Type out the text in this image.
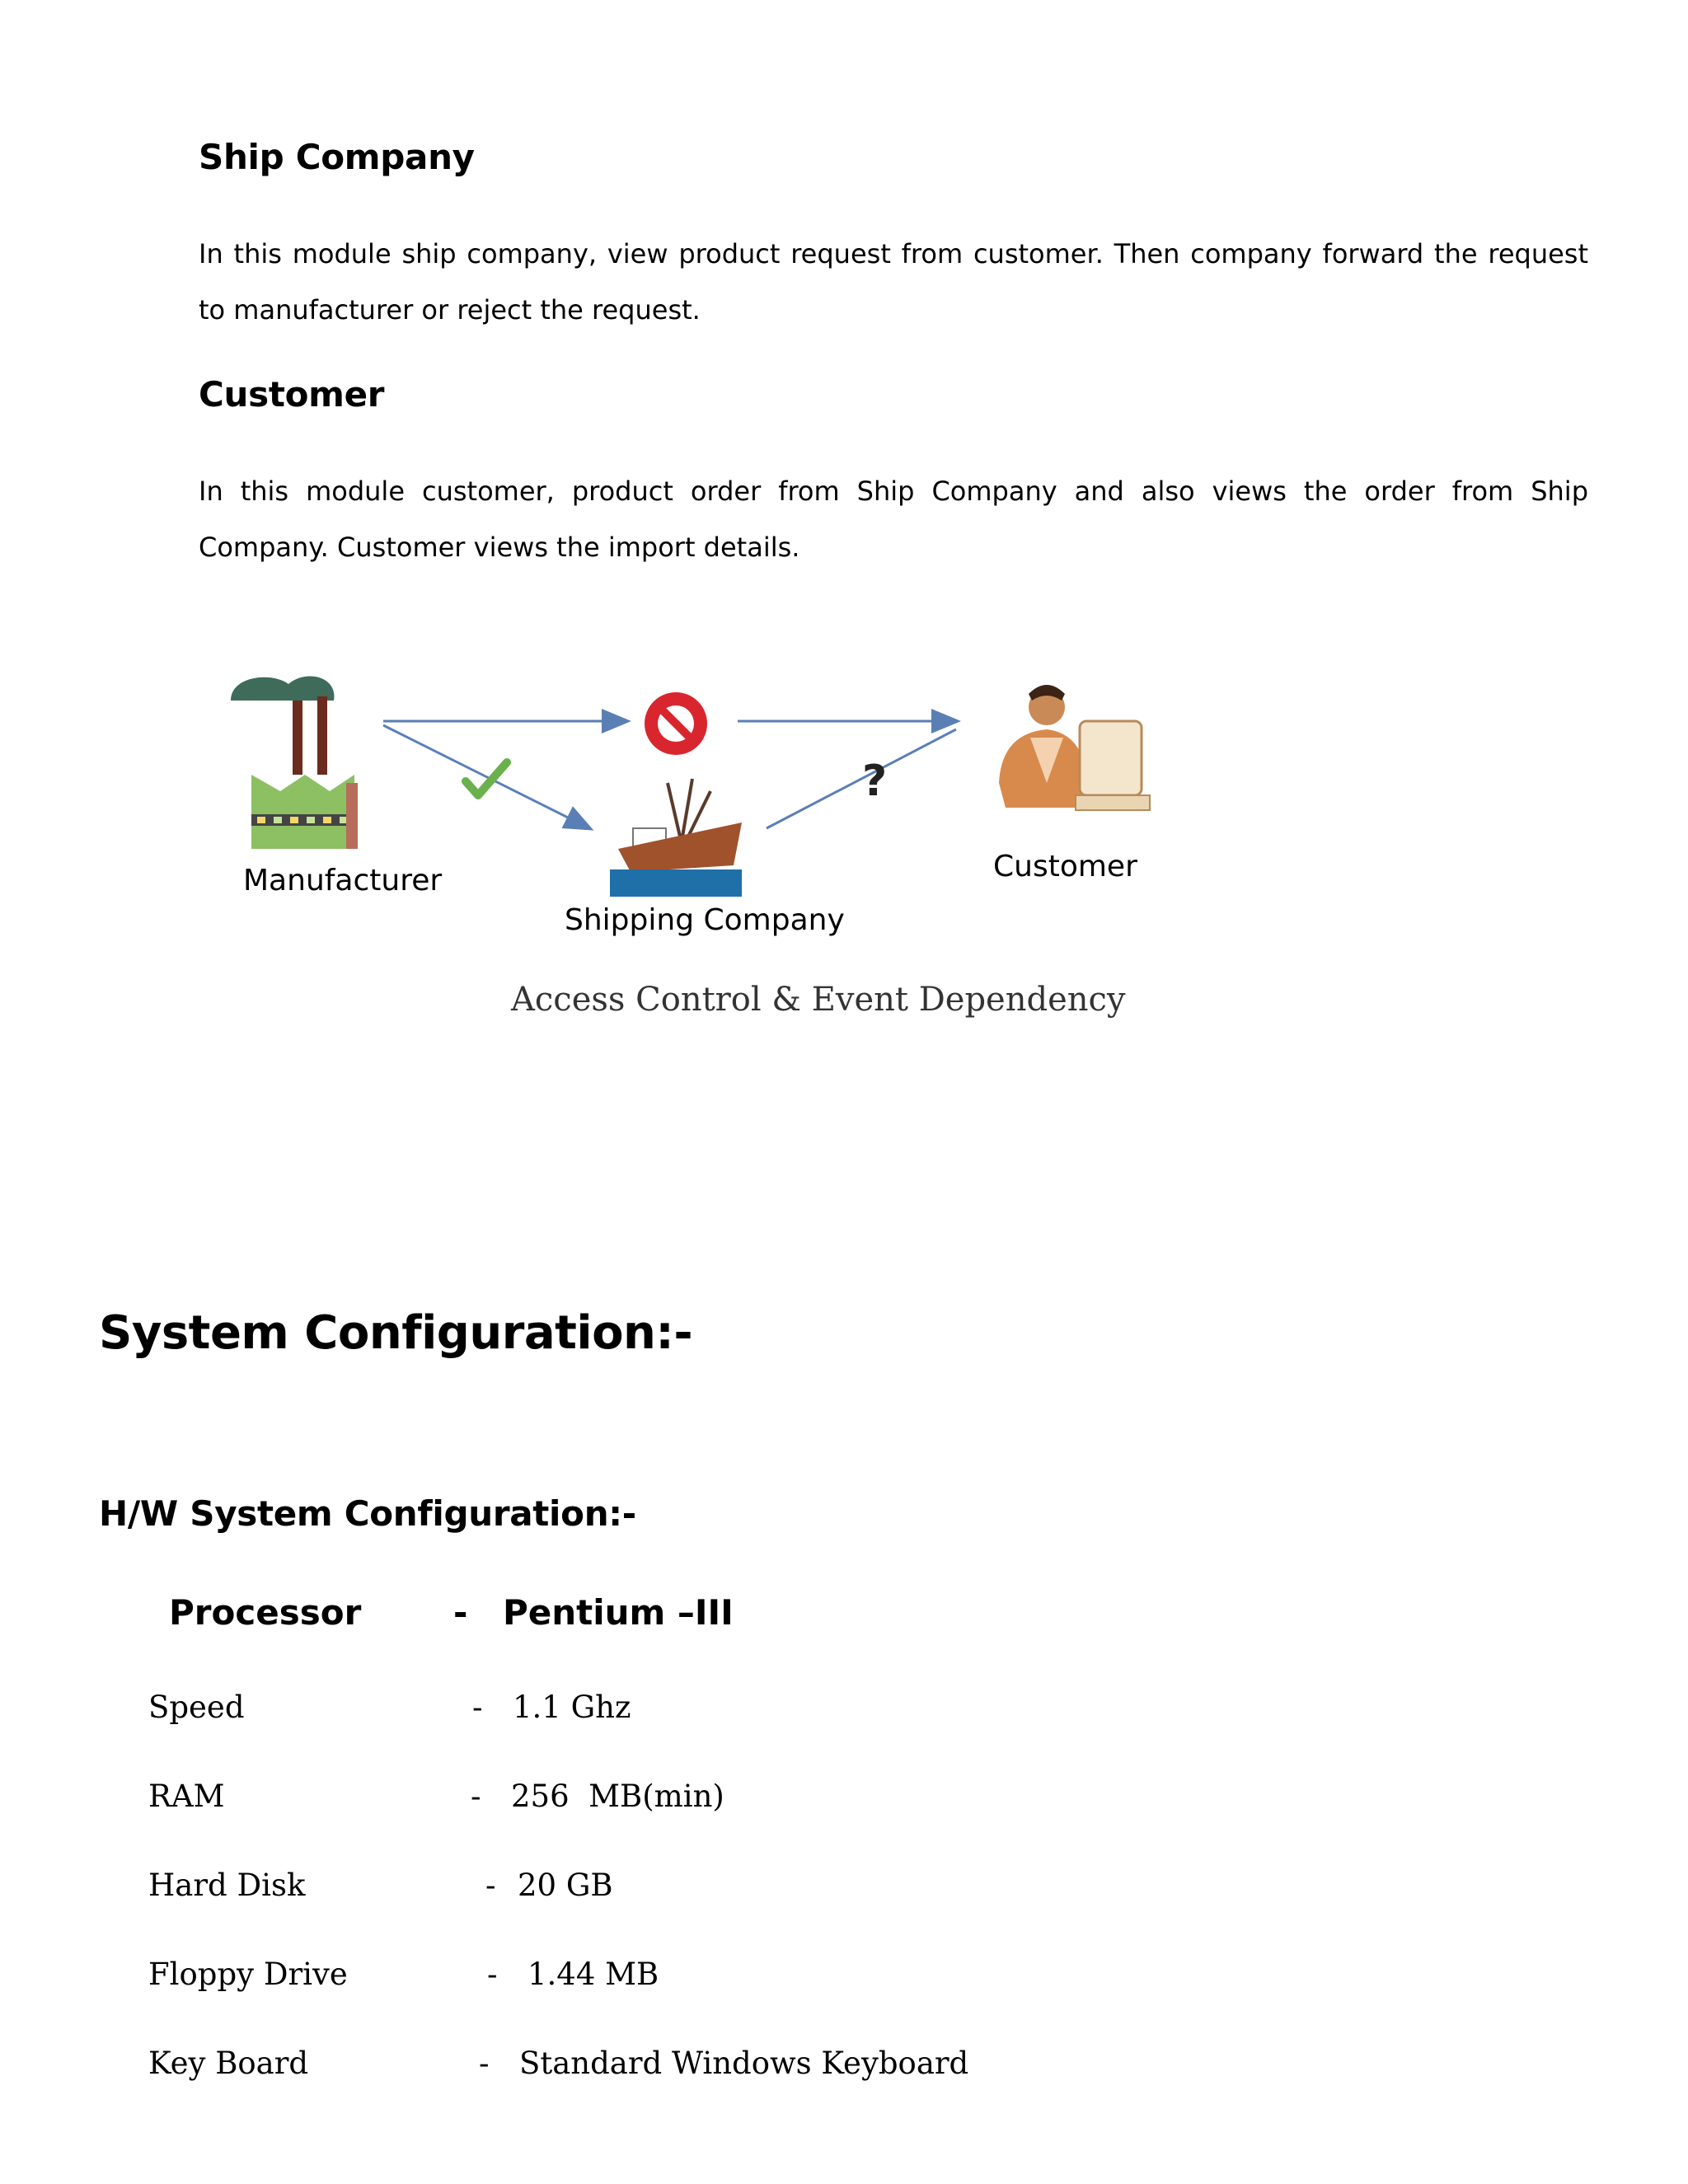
Ship Company

In this module ship company, view product request from customer. Then company forward the request to manufacturer or reject the request.

Customer

In this module customer, product order from Ship Company and also views the order from Ship Company. Customer views the import details.

?
Manufacturer
Shipping Company
Customer
Access Control & Event Dependency
System Configuration:-
H/W System Configuration:-
Processor	- Pentium –III
Speed	- 1.1 Ghz
RAM	- 256  MB(min)
Hard Disk	- 20 GB
Floppy Drive	- 1.44 MB
Key Board	- Standard Windows Keyboard
